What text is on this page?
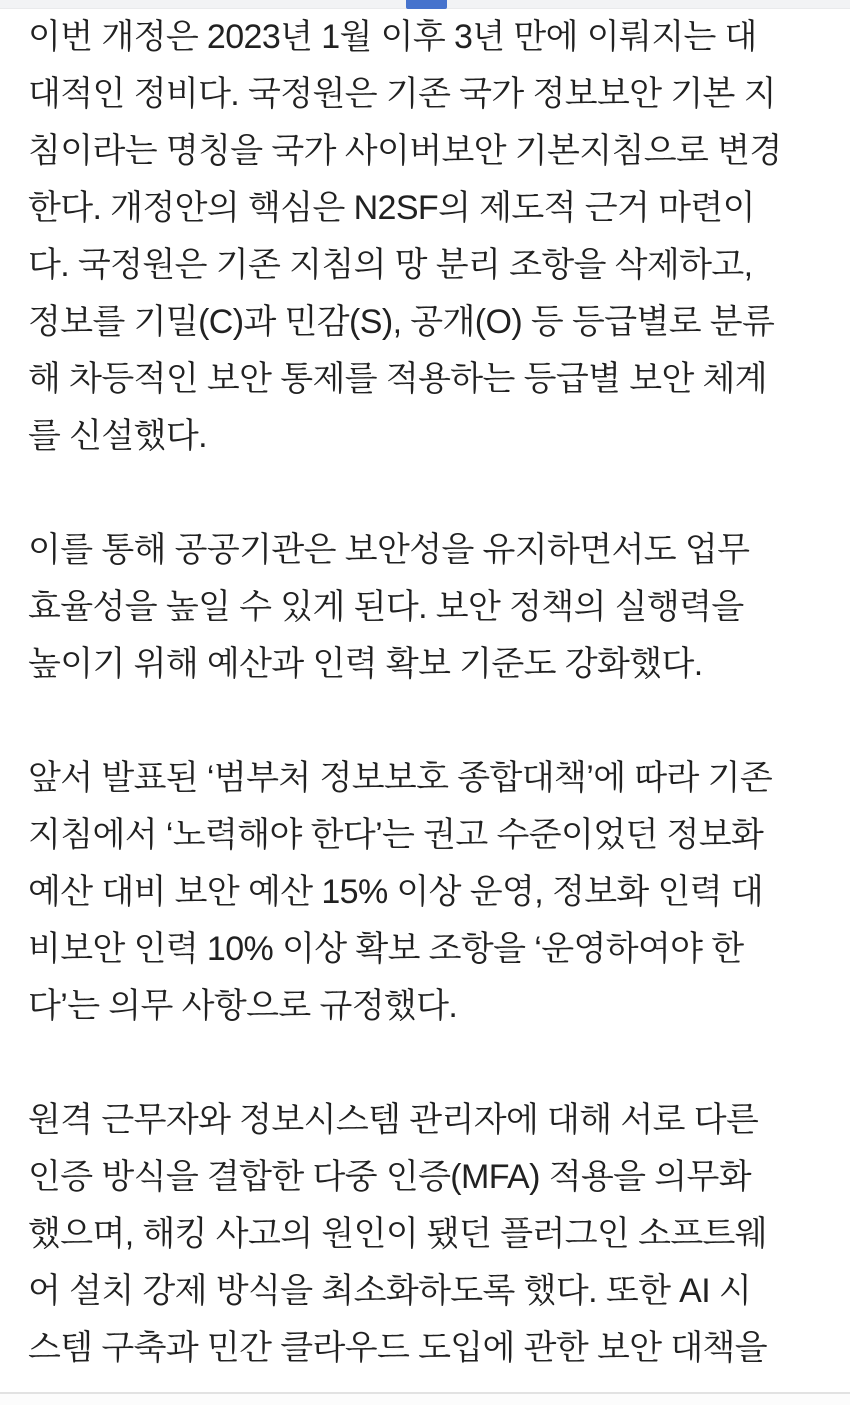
이번 개정은 2023년 1월 이후 3년 만에 이뤄지는 대
대적인 정비다. 국정원은 기존 국가 정보보안 기본 지
침이라는 명칭을 국가 사이버보안 기본지침으로 변경
한다. 개정안의 핵심은 N2SF의 제도적 근거 마련이
다. 국정원은 기존 지침의 망 분리 조항을 삭제하고,
정보를 기밀(C)과 민감(S), 공개(O) 등 등급별로 분류
해 차등적인 보안 통제를 적용하는 등급별 보안 체계
를 신설했다.
이를 통해 공공기관은 보안성을 유지하면서도 업무
효율성을 높일 수 있게 된다. 보안 정책의 실행력을
높이기 위해 예산과 인력 확보 기준도 강화했다.
앞서 발표된 ‘범부처 정보보호 종합대책’에 따라 기존
지침에서 ‘노력해야 한다’는 권고 수준이었던 정보화
예산 대비 보안 예산 15% 이상 운영, 정보화 인력 대
비보안 인력 10% 이상 확보 조항을 ‘운영하여야 한
다’는 의무 사항으로 규정했다.
원격 근무자와 정보시스템 관리자에 대해 서로 다른
인증 방식을 결합한 다중 인증(MFA) 적용을 의무화
했으며, 해킹 사고의 원인이 됐던 플러그인 소프트웨
어 설치 강제 방식을 최소화하도록 했다. 또한 AI 시
스템 구축과 민간 클라우드 도입에 관한 보안 대책을
